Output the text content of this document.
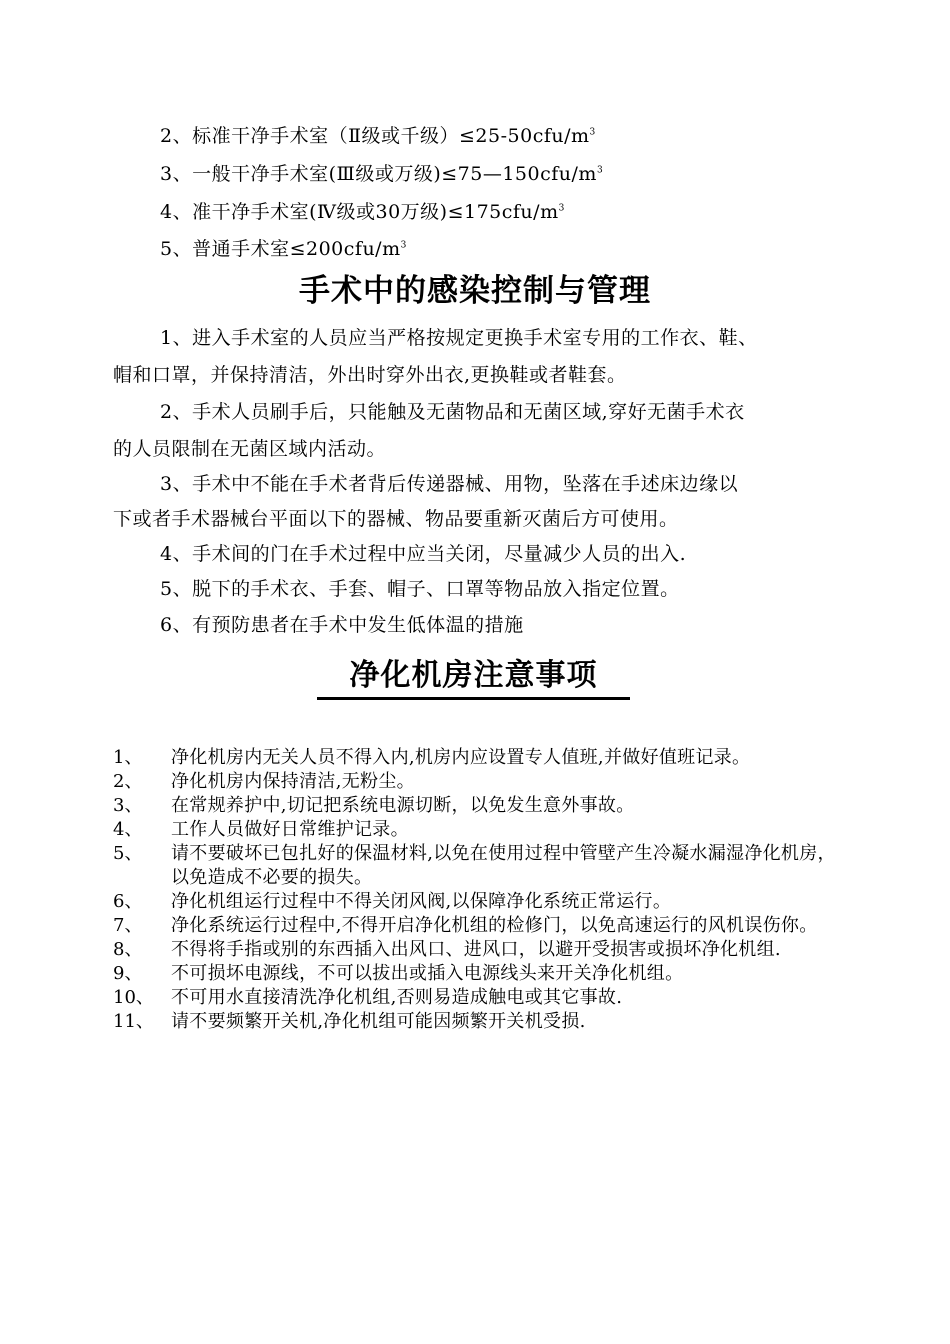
2、标准干净手术室（Ⅱ级或千级）$\le 25-50cfu/m^3$
3、一般干净手术室(Ⅲ级或万级)$\le 75—150cfu/m^3$
4、准干净手术室(Ⅳ级或30万级)$\le 175cfu/m^3$
5、普通手术室$\le 200cfu/m^3$
手术中的感染控制与管理
1、进入手术室的人员应当严格按规定更换手术室专用的工作衣、鞋、
帽和口罩，并保持清洁，外出时穿外出衣,更换鞋或者鞋套。
2、手术人员刷手后，只能触及无菌物品和无菌区域,穿好无菌手术衣
的人员限制在无菌区域内活动。
3、手术中不能在手术者背后传递器械、用物，坠落在手述床边缘以
下或者手术器械台平面以下的器械、物品要重新灭菌后方可使用。
4、手术间的门在手术过程中应当关闭，尽量减少人员的出入.
5、脱下的手术衣、手套、帽子、口罩等物品放入指定位置。
6、有预防患者在手术中发生低体温的措施
净化机房注意事项
1、	净化机房内无关人员不得入内,机房内应设置专人值班,并做好值班记录。
2、	净化机房内保持清洁,无粉尘。
3、	在常规养护中,切记把系统电源切断，以免发生意外事故。
4、	工作人员做好日常维护记录。
5、	请不要破坏已包扎好的保温材料,以免在使用过程中管壁产生冷凝水漏湿净化机房，以免造成不必要的损失。
6、	净化机组运行过程中不得关闭风阀,以保障净化系统正常运行。
7、	净化系统运行过程中,不得开启净化机组的检修门，以免高速运行的风机误伤你。
8、	不得将手指或别的东西插入出风口、进风口，以避开受损害或损坏净化机组.
9、	不可损坏电源线，不可以拔出或插入电源线头来开关净化机组。
10、 不可用水直接清洗净化机组,否则易造成触电或其它事故.
11、 请不要频繁开关机,净化机组可能因频繁开关机受损.
